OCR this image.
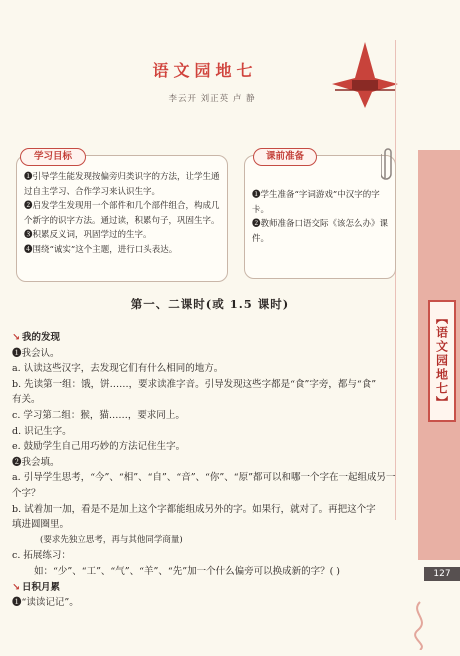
语文园地七
李云开 刘正英 卢 静
【语文园地七】
127
学习目标
❶引导学生能发现按偏旁归类识字的方法，让学生通过自主学习、合作学习来认识生字。
❷启发学生发现用一个部件和几个部件组合，构成几个新字的识字方法。通过读，积累句子，巩固生字。
❸积累反义词，巩固学过的生字。
❹围绕“诚实”这个主题，进行口头表达。
课前准备
❶学生准备“字词游戏”中汉字的字卡。
❷教师准备口语交际《该怎么办》课件。
第一、二课时(或 1.5 课时)

↘ 我的发现

❶我会认。

a. 认读这些汉字，去发现它们有什么相同的地方。

b. 先读第一组：饿，饼……，要求读准字音。引导发现这些字都是“食”字旁，都与“食”

有关。

c. 学习第二组：猴，猫……，要求同上。

d. 识记生字。

e. 鼓励学生自己用巧妙的方法记住生字。

❷我会填。

a. 引导学生思考，“今”、“相”、“自”、“音”、“你”、“原”都可以和哪一个字在一起组成另一

个字？

b. 试着加一加，看是不是加上这个字都能组成另外的字。如果行，就对了。再把这个字

填进圆圈里。

(要求先独立思考，再与其他同学商量)

c. 拓展练习：

如：“少”、“工”、“气”、“羊”、“先”加一个什么偏旁可以换成新的字？( )

↘ 日积月累

❶“读读记记”。
